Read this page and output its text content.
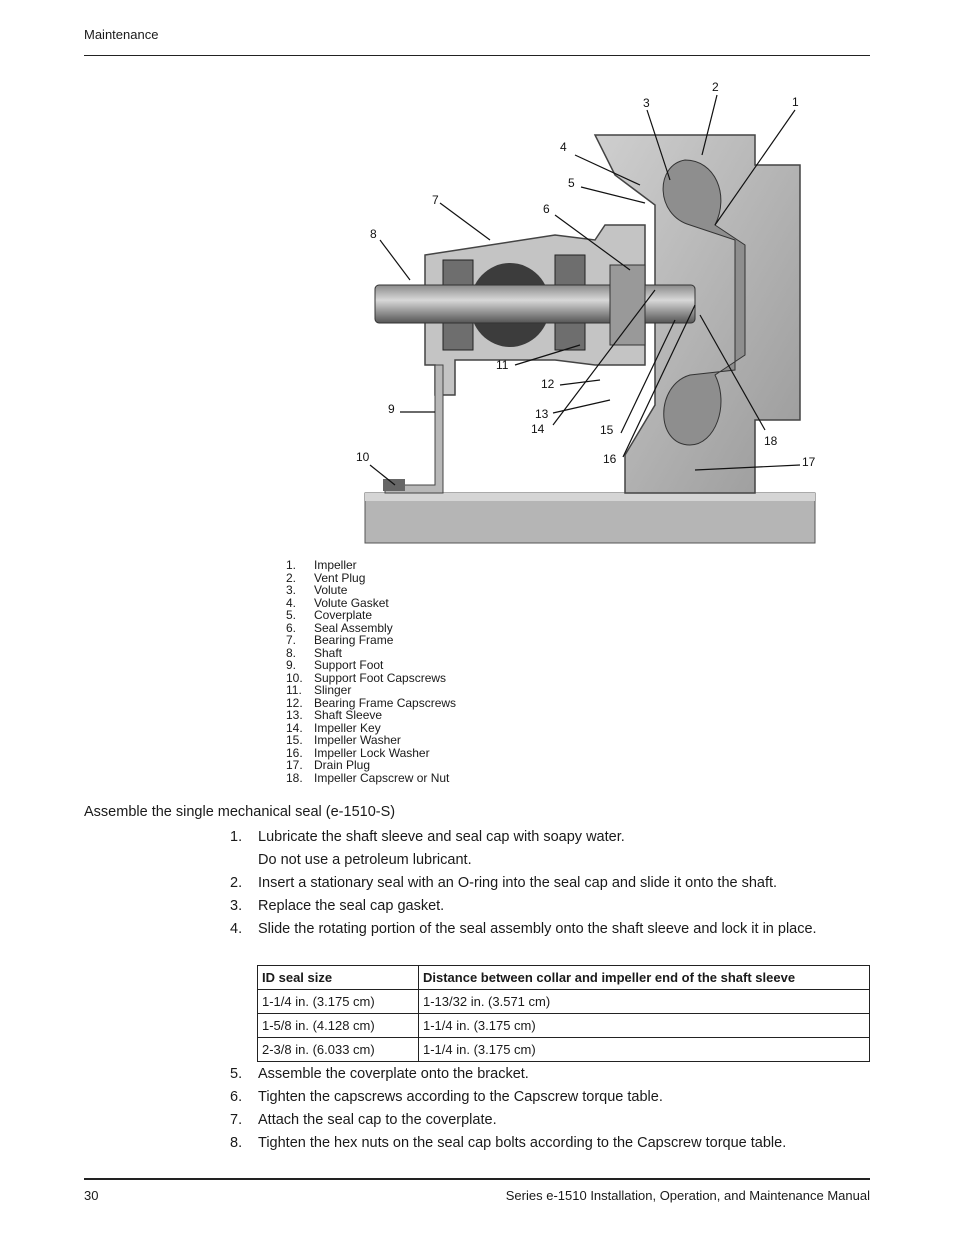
Maintenance
1
2
3
4
5
6
7
8
9
10
11
12
13
14	15
16	17
18
1.	Impeller
2.	Vent Plug
3.	Volute
4.	Volute Gasket
5.	Coverplate
6.	Seal Assembly
7.	Bearing Frame
8.	Shaft
9.	Support Foot
10. Support Foot Capscrews
11.	Slinger
12. Bearing Frame Capscrews
13. Shaft Sleeve
14. Impeller Key
15. Impeller Washer
16. Impeller Lock Washer
17. Drain Plug
18. Impeller Capscrew or Nut
Assemble the single mechanical seal (e-1510-S)
1.	Lubricate the shaft sleeve and seal cap with soapy water.
Do not use a petroleum lubricant.
2.	Insert a stationary seal with an O-ring into the seal cap and slide it onto the shaft.
3.	Replace the seal cap gasket.
4.	Slide the rotating portion of the seal assembly onto the shaft sleeve and lock it in place.
ID seal size	Distance between collar and impeller end of the shaft sleeve
1-1/4 in. (3.175 cm)	1-13/32 in. (3.571 cm)
1-5/8 in. (4.128 cm)	1-1/4 in. (3.175 cm)
2-3/8 in. (6.033 cm)	1-1/4 in. (3.175 cm)
5.	Assemble the coverplate onto the bracket.
6.	Tighten the capscrews according to the Capscrew torque table.
7.	Attach the seal cap to the coverplate.
8.	Tighten the hex nuts on the seal cap bolts according to the Capscrew torque table.
30	Series e-1510 Installation, Operation, and Maintenance Manual
